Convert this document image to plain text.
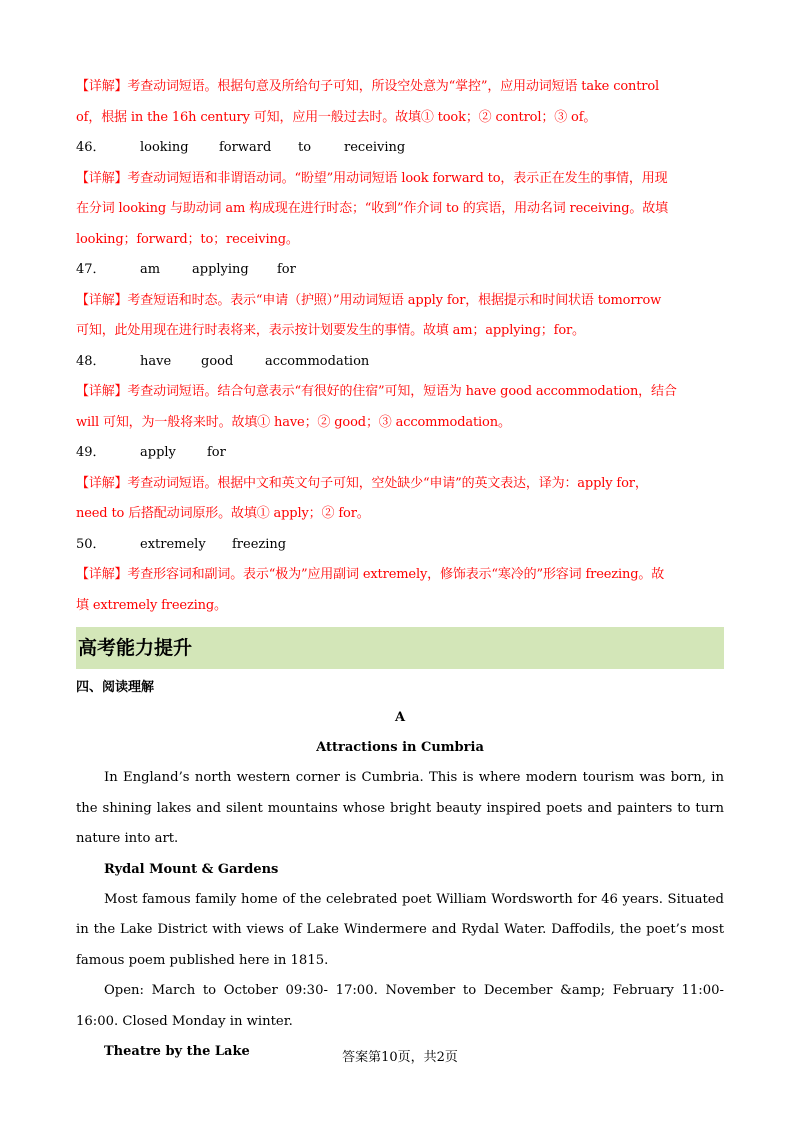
【详解】考查动词短语。根据句意及所给句子可知，所设空处意为“掌控”，应用动词短语 take control
of，根据 in the 16h century 可知，应用一般过去时。故填① took；② control；③ of。
46．	looking forward to	receiving
【详解】考查动词短语和非谓语动词。“盼望”用动词短语 look forward to，表示正在发生的事情，用现
在分词 looking 与助动词 am 构成现在进行时态；“收到”作介词 to 的宾语，用动名词 receiving。故填
looking；forward；to；receiving。
47．	am applying for
【详解】考查短语和时态。表示“申请（护照）”用动词短语 apply for，根据提示和时间状语 tomorrow
可知，此处用现在进行时表将来，表示按计划要发生的事情。故填 am；applying；for。
48．	have good accommodation
【详解】考查动词短语。结合句意表示“有很好的住宿”可知，短语为 have good accommodation，结合
will 可知，为一般将来时。故填① have；② good；③ accommodation。
49．	apply for
【详解】考查动词短语。根据中文和英文句子可知，空处缺少“申请”的英文表达，译为：apply for，
need to 后搭配动词原形。故填① apply；② for。
50．	extremely freezing
【详解】考查形容词和副词。表示“极为”应用副词 extremely，修饰表示“寒冷的”形容词 freezing。故
填 extremely freezing。
高考能力提升
四、阅读理解
A
Attractions in Cumbria

In England’s north western corner is Cumbria. This is where modern tourism was born, in the shining lakes and silent mountains whose bright beauty inspired poets and painters to turn nature into art.

Rydal Mount & Gardens

Most famous family home of the celebrated poet William Wordsworth for 46 years. Situated in the Lake District with views of Lake Windermere and Rydal Water. Daffodils, the poet’s most famous poem published here in 1815.

Open: March to October 09:30- 17:00. November to December &amp; February 11:00- 16:00. Closed Monday in winter.

Theatre by the Lake	答案第10页，共2页
